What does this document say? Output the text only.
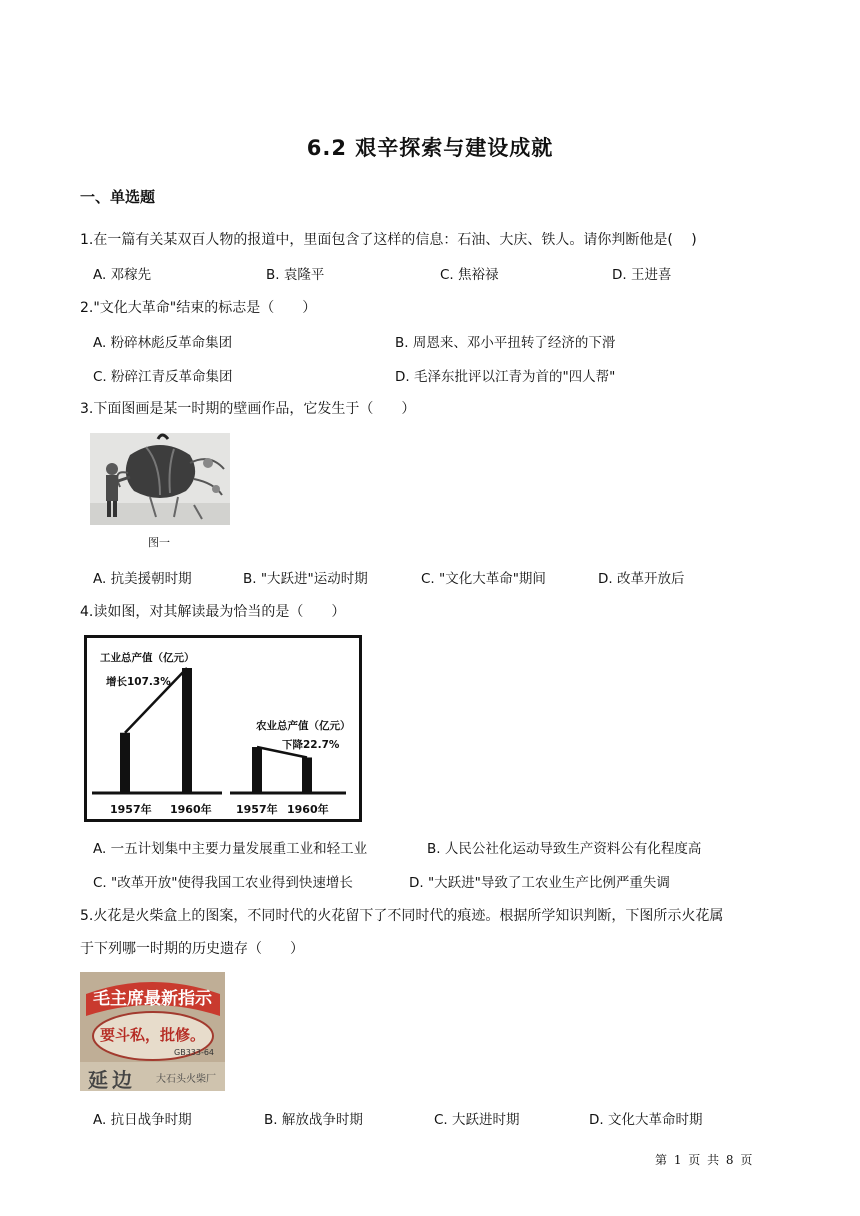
6.2 艰辛探索与建设成就
一、单选题
1.在一篇有关某双百人物的报道中，里面包含了这样的信息：石油、大庆、铁人。请你判断他是(　 )
A. 邓稼先	B. 袁隆平	C. 焦裕禄	D. 王进喜
2."文化大革命"结束的标志是（　　）
A. 粉碎林彪反革命集团	B. 周恩来、邓小平扭转了经济的下滑
C. 粉碎江青反革命集团	D. 毛泽东批评以江青为首的"四人帮"
3.下面图画是某一时期的壁画作品，它发生于（　　）
图一
A. 抗美援朝时期	B. "大跃进"运动时期	C. "文化大革命"期间	D. 改革开放后
4.读如图，对其解读最为恰当的是（　　）
1957年 1960年
工业总产值（亿元）
增长107.3%
1957年 1960年
农业总产值（亿元）
下降22.7%
A. 一五计划集中主要力量发展重工业和轻工业	B. 人民公社化运动导致生产资料公有化程度高
C. "改革开放"使得我国工农业得到快速增长	D. "大跃进"导致了工农业生产比例严重失调
5.火花是火柴盒上的图案，不同时代的火花留下了不同时代的痕迹。根据所学知识判断，下图所示火花属
于下列哪一时期的历史遗存（　　）
毛主席最新指示
要斗私，批修。
GB333-64
延边 大石头火柴厂
A. 抗日战争时期	B. 解放战争时期	C. 大跃进时期	D. 文化大革命时期
第 1 页 共 8 页
